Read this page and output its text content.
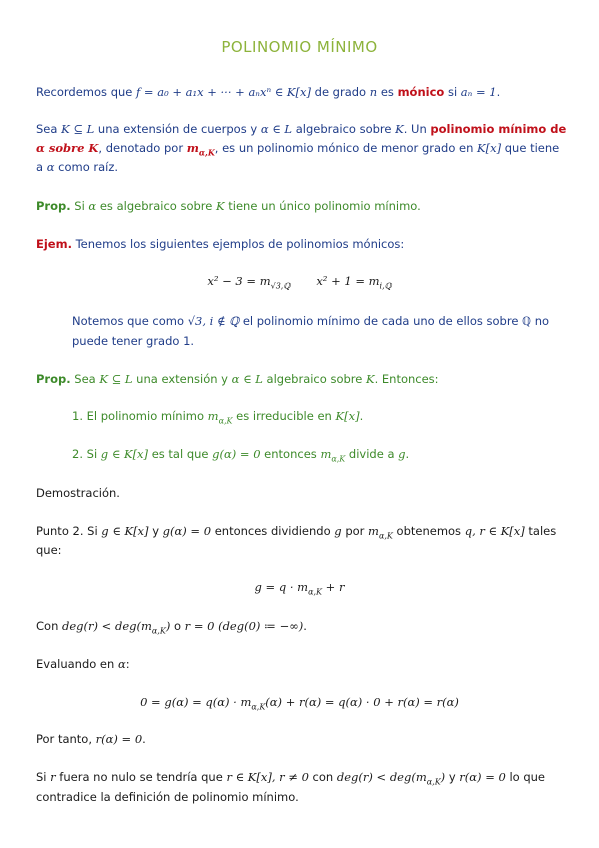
POLINOMIO MÍNIMO
Recordemos que f = a₀ + a₁x + ··· + aₙxⁿ ∈ K[x] de grado n es mónico si aₙ = 1.
Sea K ⊆ L una extensión de cuerpos y α ∈ L algebraico sobre K. Un polinomio mínimo de
α sobre K, denotado por $m_{\alpha,K}$, es un polinomio mónico de menor grado en K[x] que tiene
a α como raíz.
Prop. Si α es algebraico sobre K tiene un único polinomio mínimo.
Ejem. Tenemos los siguientes ejemplos de polinomios mónicos:
$x^2 - 3 = m_{√3,ℚ}$ $x^2 + 1 = m_{i,ℚ}$
Notemos que como √3, i ∉ ℚ el polinomio mínimo de cada uno de ellos sobre ℚ no
puede tener grado 1.
Prop. Sea K ⊆ L una extensión y α ∈ L algebraico sobre K. Entonces:
1. El polinomio mínimo $m_{\alpha,K}$ es irreducible en K[x].
2. Si g ∈ K[x] es tal que g(α) = 0 entonces $m_{\alpha,K}$ divide a g.
Demostración.
Punto 2. Si g ∈ K[x] y g(α) = 0 entonces dividiendo g por $m_{\alpha,K}$ obtenemos q, r ∈ K[x] tales
que:
$g = q \cdot m_{\alpha,K} + r$
Con $deg(r) < deg(m_{\alpha,K})$ o r = 0 (deg(0) ≔ −∞).
Evaluando en α:
$0 = g(\alpha) = q(\alpha) \cdot m_{\alpha,K}(\alpha) + r(\alpha) = q(\alpha) \cdot 0 + r(\alpha) = r(\alpha)$
Por tanto, r(α) = 0.
Si r fuera no nulo se tendría que r ∈ K[x], r ≠ 0 con $deg(r) < deg(m_{\alpha,K})$ y r(α) = 0 lo que
contradice la definición de polinomio mínimo.
